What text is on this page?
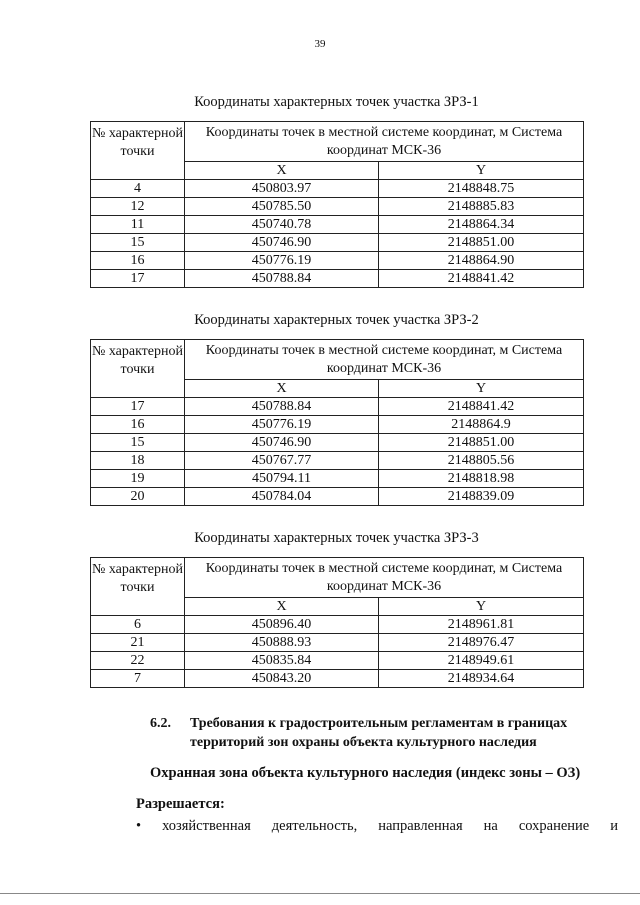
39
Координаты характерных точек участка ЗРЗ-1
№ характерной точки	Координаты точек в местной системе координат, м Система координат МСК-36	
	X	Y
4	450803.97	2148848.75
12	450785.50	2148885.83
11	450740.78	2148864.34
15	450746.90	2148851.00
16	450776.19	2148864.90
17	450788.84	2148841.42
Координаты характерных точек участка ЗРЗ-2
№ характерной точки	Координаты точек в местной системе координат, м Система координат МСК-36	
	X	Y
17	450788.84	2148841.42
16	450776.19	2148864.9
15	450746.90	2148851.00
18	450767.77	2148805.56
19	450794.11	2148818.98
20	450784.04	2148839.09
Координаты характерных точек участка ЗРЗ-3
№ характерной точки	Координаты точек в местной системе координат, м Система координат МСК-36	
	X	Y
6	450896.40	2148961.81
21	450888.93	2148976.47
22	450835.84	2148949.61
7	450843.20	2148934.64
6.2. Требования к градостроительным регламентам в границах
территорий зон охраны объекта культурного наследия
Охранная зона объекта культурного наследия (индекс зоны – ОЗ)
Разрешается:
• хозяйственная деятельность, направленная на сохранение и
